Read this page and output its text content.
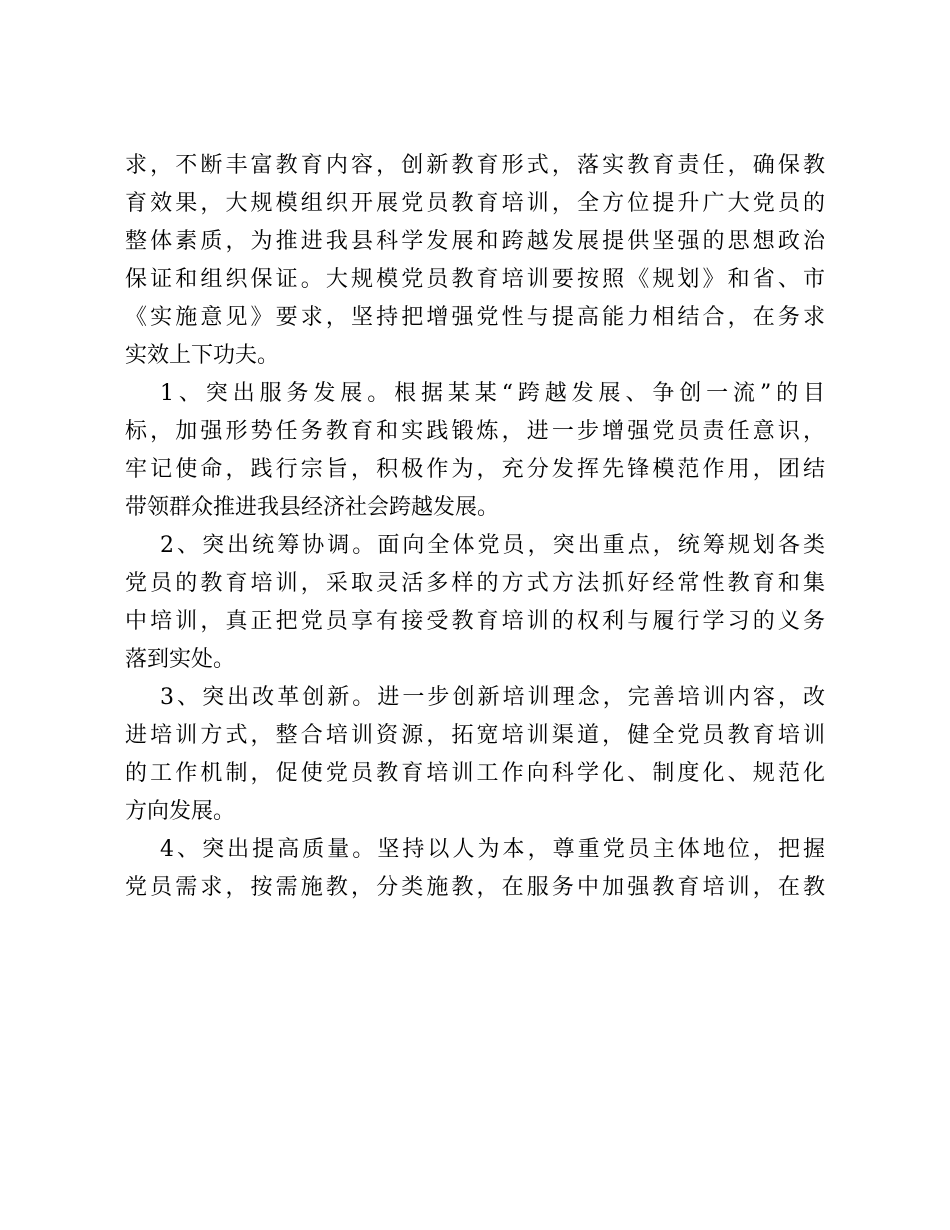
求，不断丰富教育内容，创新教育形式，落实教育责任，确保教
育效果，大规模组织开展党员教育培训，全方位提升广大党员的
整体素质，为推进我县科学发展和跨越发展提供坚强的思想政治
保证和组织保证。大规模党员教育培训要按照《规划》和省、市
《实施意见》要求，坚持把增强党性与提高能力相结合，在务求
实效上下功夫。
1、突出服务发展。根据某某“跨越发展、争创一流”的目
标，加强形势任务教育和实践锻炼，进一步增强党员责任意识，
牢记使命，践行宗旨，积极作为，充分发挥先锋模范作用，团结
带领群众推进我县经济社会跨越发展。
2、突出统筹协调。面向全体党员，突出重点，统筹规划各类
党员的教育培训，采取灵活多样的方式方法抓好经常性教育和集
中培训，真正把党员享有接受教育培训的权利与履行学习的义务
落到实处。
3、突出改革创新。进一步创新培训理念，完善培训内容，改
进培训方式，整合培训资源，拓宽培训渠道，健全党员教育培训
的工作机制，促使党员教育培训工作向科学化、制度化、规范化
方向发展。
4、突出提高质量。坚持以人为本，尊重党员主体地位，把握
党员需求，按需施教，分类施教，在服务中加强教育培训，在教
